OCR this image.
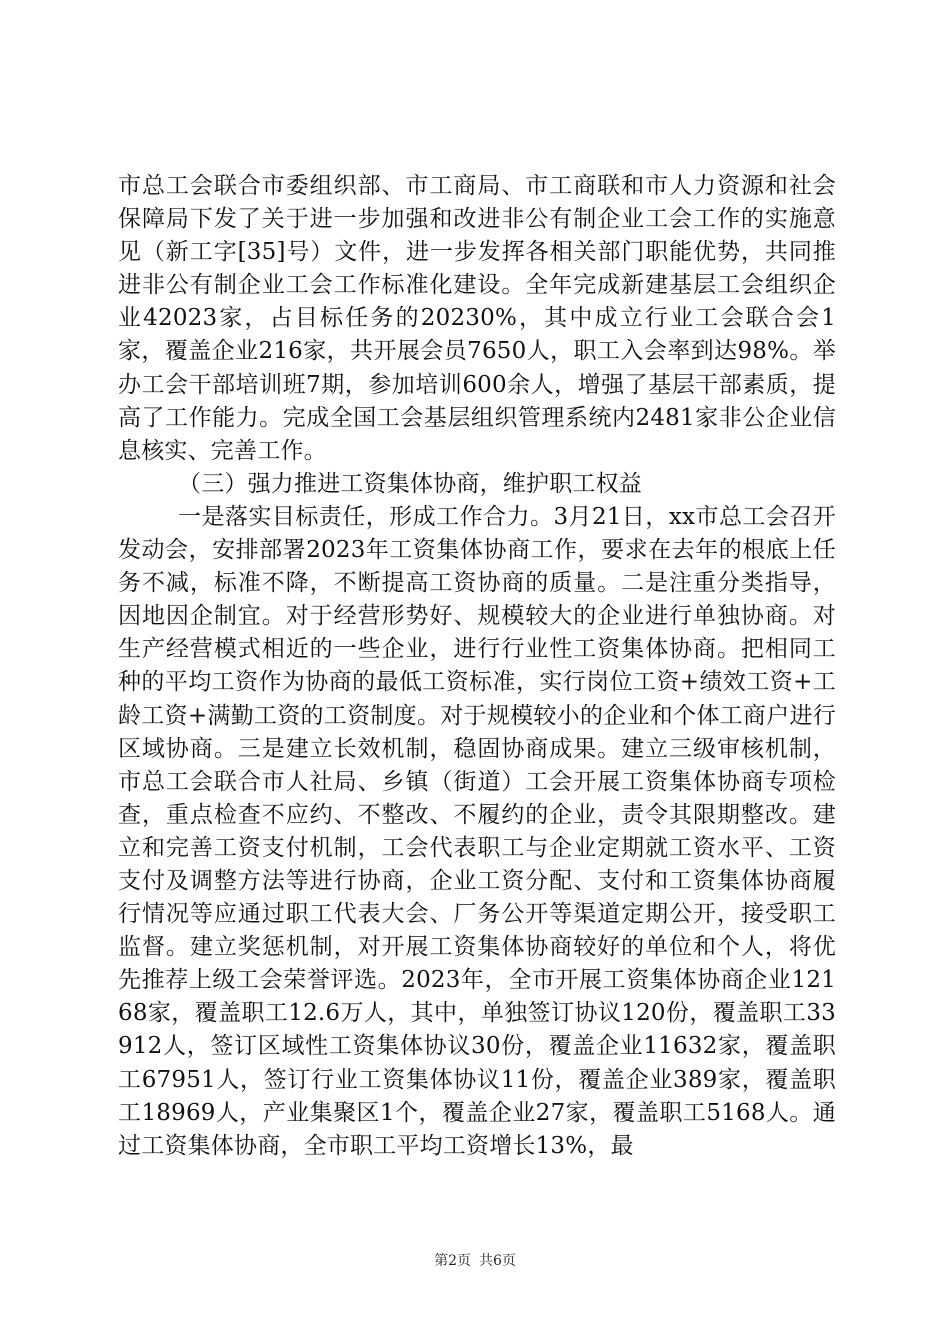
市总工会联合市委组织部、市工商局、市工商联和市人力资源和社会保障局下发了关于进一步加强和改进非公有制企业工会工作的实施意见（新工字[35]号）文件，进一步发挥各相关部门职能优势，共同推进非公有制企业工会工作标准化建设。全年完成新建基层工会组织企业42023家，占目标任务的20230%，其中成立行业工会联合会1家，覆盖企业216家，共开展会员7650人，职工入会率到达98%。举办工会干部培训班7期，参加培训600余人，增强了基层干部素质，提高了工作能力。完成全国工会基层组织管理系统内2481家非公企业信息核实、完善工作。

（三）强力推进工资集体协商，维护职工权益

一是落实目标责任，形成工作合力。3月21日，xx市总工会召开发动会，安排部署2023年工资集体协商工作，要求在去年的根底上任务不减，标准不降，不断提高工资协商的质量。二是注重分类指导，因地因企制宜。对于经营形势好、规模较大的企业进行单独协商。对生产经营模式相近的一些企业，进行行业性工资集体协商。把相同工种的平均工资作为协商的最低工资标准，实行岗位工资+绩效工资+工龄工资+满勤工资的工资制度。对于规模较小的企业和个体工商户进行区域协商。三是建立长效机制，稳固协商成果。建立三级审核机制，市总工会联合市人社局、乡镇（街道）工会开展工资集体协商专项检查，重点检查不应约、不整改、不履约的企业，责令其限期整改。建立和完善工资支付机制，工会代表职工与企业定期就工资水平、工资支付及调整方法等进行协商，企业工资分配、支付和工资集体协商履行情况等应通过职工代表大会、厂务公开等渠道定期公开，接受职工监督。建立奖惩机制，对开展工资集体协商较好的单位和个人，将优先推荐上级工会荣誉评选。2023年，全市开展工资集体协商企业12168家，覆盖职工12.6万人，其中，单独签订协议120份，覆盖职工33912人，签订区域性工资集体协议30份，覆盖企业11632家，覆盖职工67951人，签订行业工资集体协议11份，覆盖企业389家，覆盖职工18969人，产业集聚区1个，覆盖企业27家，覆盖职工5168人。通过工资集体协商，全市职工平均工资增长13%，最

第2页 共6页
